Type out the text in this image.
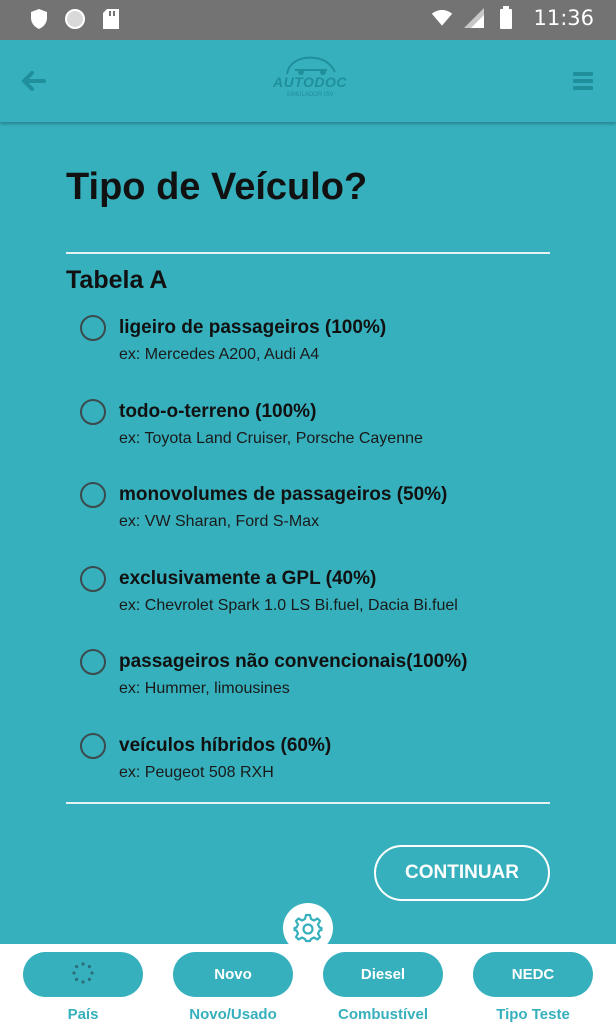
11:36
AUTODOC
SIMULADOR ISV
Tipo de Veículo?
Tabela A
ligeiro de passageiros (100%)
ex: Mercedes A200, Audi A4
todo-o-terreno (100%)
ex: Toyota Land Cruiser, Porsche Cayenne
monovolumes de passageiros (50%)
ex: VW Sharan, Ford S-Max
exclusivamente a GPL (40%)
ex: Chevrolet Spark 1.0 LS Bi.fuel, Dacia Bi.fuel
passageiros não convencionais(100%)
ex: Hummer, limousines
veículos híbridos (60%)
ex: Peugeot 508 RXH
CONTINUAR
País
Novo
Novo/Usado
Diesel
Combustível
NEDC
Tipo Teste
